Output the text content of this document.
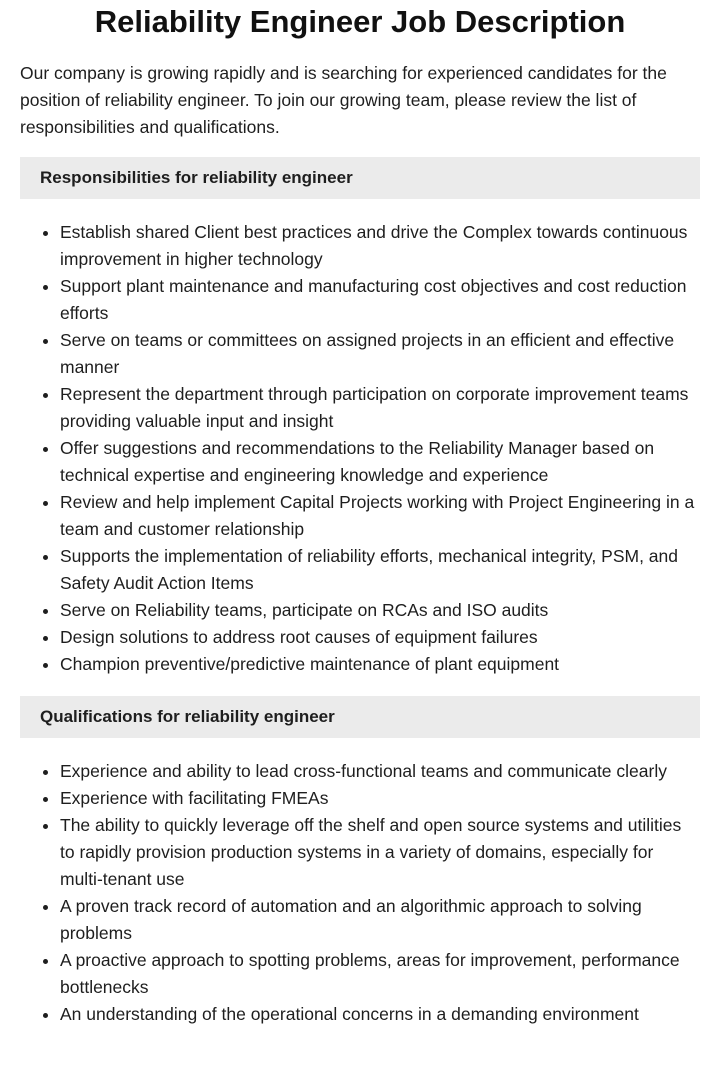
Reliability Engineer Job Description

Our company is growing rapidly and is searching for experienced candidates for the position of reliability engineer. To join our growing team, please review the list of responsibilities and qualifications.

Responsibilities for reliability engineer
• Establish shared Client best practices and drive the Complex towards continuous improvement in higher technology
• Support plant maintenance and manufacturing cost objectives and cost reduction efforts
• Serve on teams or committees on assigned projects in an efficient and effective manner
• Represent the department through participation on corporate improvement teams providing valuable input and insight
• Offer suggestions and recommendations to the Reliability Manager based on technical expertise and engineering knowledge and experience
• Review and help implement Capital Projects working with Project Engineering in a team and customer relationship
• Supports the implementation of reliability efforts, mechanical integrity, PSM, and Safety Audit Action Items
• Serve on Reliability teams, participate on RCAs and ISO audits
• Design solutions to address root causes of equipment failures
• Champion preventive/predictive maintenance of plant equipment
Qualifications for reliability engineer
• Experience and ability to lead cross-functional teams and communicate clearly
• Experience with facilitating FMEAs
• The ability to quickly leverage off the shelf and open source systems and utilities to rapidly provision production systems in a variety of domains, especially for multi-tenant use
• A proven track record of automation and an algorithmic approach to solving problems
• A proactive approach to spotting problems, areas for improvement, performance bottlenecks
• An understanding of the operational concerns in a demanding environment
